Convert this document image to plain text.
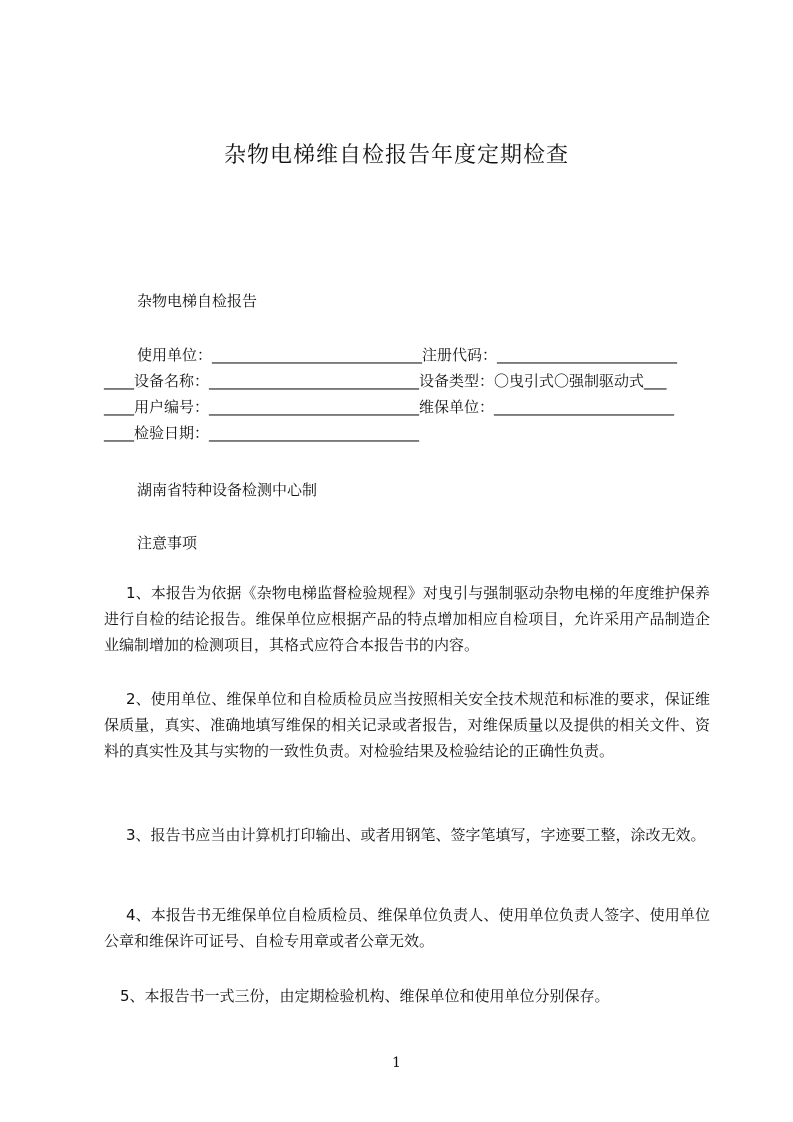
杂物电梯维自检报告年度定期检查
杂物电梯自检报告
使用单位：____________________________注册代码：________________________
____设备名称：____________________________设备类型：〇曳引式〇强制驱动式___
____用户编号：____________________________维保单位：________________________
____检验日期：____________________________
湖南省特种设备检测中心制
注意事项
1、本报告为依据《杂物电梯监督检验规程》对曳引与强制驱动杂物电梯的年度维护保养进行自检的结论报告。维保单位应根据产品的特点增加相应自检项目，允许采用产品制造企业编制增加的检测项目，其格式应符合本报告书的内容。
2、使用单位、维保单位和自检质检员应当按照相关安全技术规范和标准的要求，保证维保质量，真实、准确地填写维保的相关记录或者报告，对维保质量以及提供的相关文件、资料的真实性及其与实物的一致性负责。对检验结果及检验结论的正确性负责。
3、报告书应当由计算机打印输出、或者用钢笔、签字笔填写，字迹要工整，涂改无效。
4、本报告书无维保单位自检质检员、维保单位负责人、使用单位负责人签字、使用单位公章和维保许可证号、自检专用章或者公章无效。
5、本报告书一式三份，由定期检验机构、维保单位和使用单位分别保存。
1
